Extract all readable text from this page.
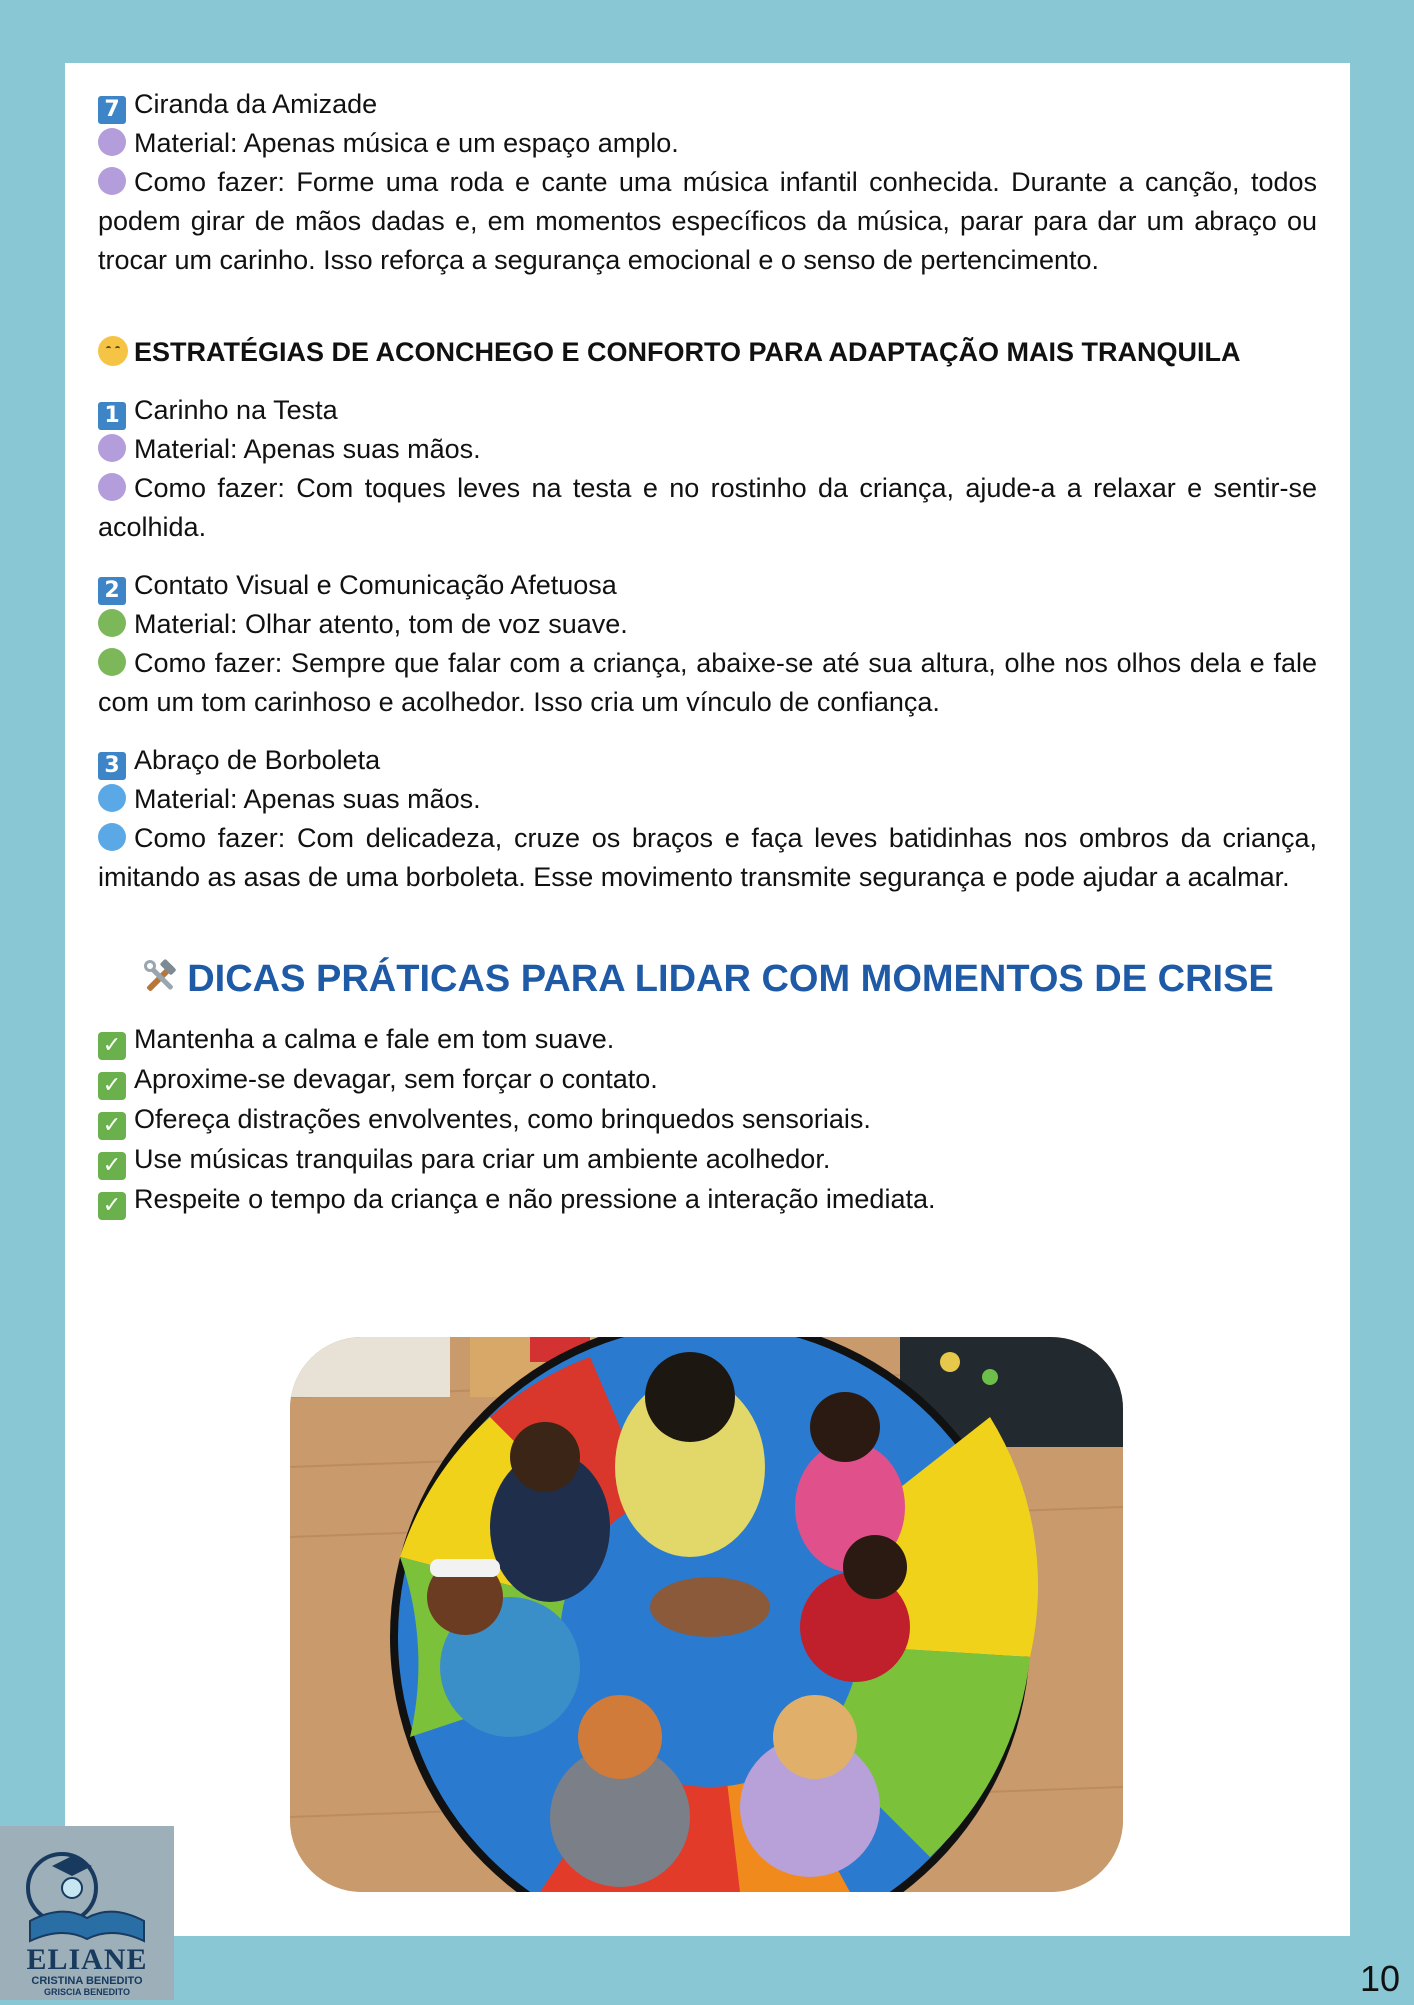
7 Ciranda da Amizade

Material: Apenas música e um espaço amplo.

Como fazer: Forme uma roda e cante uma música infantil conhecida. Durante a canção, todos podem girar de mãos dadas e, em momentos específicos da música, parar para dar um abraço ou trocar um carinho. Isso reforça a segurança emocional e o senso de pertencimento.

ESTRATÉGIAS DE ACONCHEGO E CONFORTO PARA ADAPTAÇÃO MAIS TRANQUILA

1 Carinho na Testa

Material: Apenas suas mãos.

Como fazer: Com toques leves na testa e no rostinho da criança, ajude-a a relaxar e sentir-se acolhida.

2 Contato Visual e Comunicação Afetuosa

Material: Olhar atento, tom de voz suave.

Como fazer: Sempre que falar com a criança, abaixe-se até sua altura, olhe nos olhos dela e fale com um tom carinhoso e acolhedor. Isso cria um vínculo de confiança.

3 Abraço de Borboleta

Material: Apenas suas mãos.

Como fazer: Com delicadeza, cruze os braços e faça leves batidinhas nos ombros da criança, imitando as asas de uma borboleta. Esse movimento transmite segurança e pode ajudar a acalmar.

DICAS PRÁTICAS PARA LIDAR COM MOMENTOS DE CRISE

✓ Mantenha a calma e fale em tom suave.

✓ Aproxime-se devagar, sem forçar o contato.

✓ Ofereça distrações envolventes, como brinquedos sensoriais.

✓ Use músicas tranquilas para criar um ambiente acolhedor.

✓ Respeite o tempo da criança e não pressione a interação imediata.

10
ELIANE
CRISTINA BENEDITO
GRISCIA BENEDITO
